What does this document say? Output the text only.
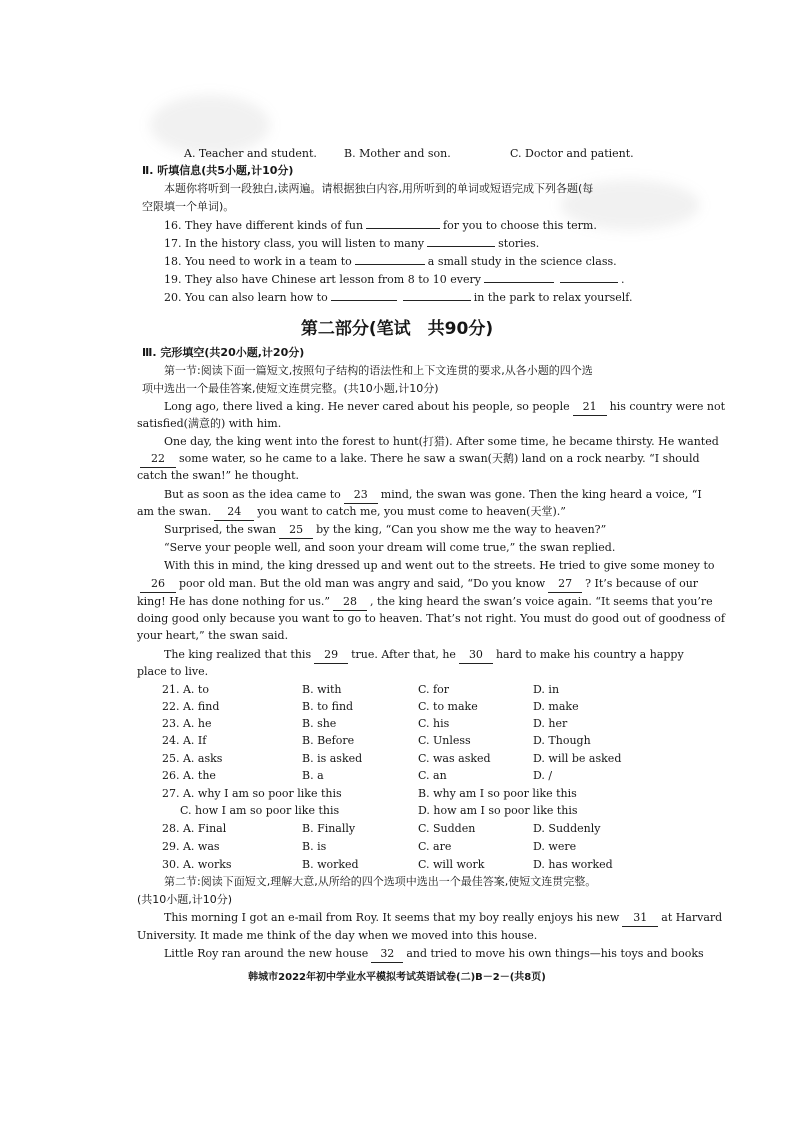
A. Teacher and student. B. Mother and son.	C. Doctor and patient.
Ⅱ. 听填信息(共5小题,计10分)
本题你将听到一段独白,读两遍。请根据独白内容,用所听到的单词或短语完成下列各题(每
空限填一个单词)。
16. They have different kinds of fun	for you to choose this term.
17. In the history class, you will listen to many	stories.
18. You need to work in a team to	a small study in the science class.
19. They also have Chinese art lesson from 8 to 10 every	.
20. You can also learn how to	in the park to relax yourself.
第二部分(笔试　共90分)
Ⅲ. 完形填空(共20小题,计20分)
第一节:阅读下面一篇短文,按照句子结构的语法性和上下文连贯的要求,从各小题的四个选
项中选出一个最佳答案,使短文连贯完整。(共10小题,计10分)
Long ago, there lived a king. He never cared about his people, so people 21 his country were not
satisfied(满意的) with him.
One day, the king went into the forest to hunt(打猎). After some time, he became thirsty. He wanted
22 some water, so he came to a lake. There he saw a swan(天鹅) land on a rock nearby. “I should
catch the swan!” he thought.
But as soon as the idea came to 23 mind, the swan was gone. Then the king heard a voice, “I
am the swan. 24 you want to catch me, you must come to heaven(天堂).”
Surprised, the swan 25 by the king, “Can you show me the way to heaven?”
“Serve your people well, and soon your dream will come true,” the swan replied.
With this in mind, the king dressed up and went out to the streets. He tried to give some money to
26 poor old man. But the old man was angry and said, “Do you know 27 ? It’s because of our
king! He has done nothing for us.” 28 , the king heard the swan’s voice again. “It seems that you’re
doing good only because you want to go to heaven. That’s not right. You must do good out of goodness of
your heart,” the swan said.
The king realized that this 29 true. After that, he 30 hard to make his country a happy
place to live.
21. A. to	B. with	C. for	D. in
22. A. find	B. to find	C. to make	D. make
23. A. he	B. she	C. his	D. her
24. A. If	B. Before	C. Unless	D. Though
25. A. asks	B. is asked	C. was asked	D. will be asked
26. A. the	B. a	C. an	D. /
27. A. why I am so poor like this	B. why am I so poor like this
C. how I am so poor like this	D. how am I so poor like this
28. A. Final	B. Finally	C. Sudden	D. Suddenly
29. A. was	B. is	C. are	D. were
30. A. works	B. worked	C. will work	D. has worked
第二节:阅读下面短文,理解大意,从所给的四个选项中选出一个最佳答案,使短文连贯完整。
(共10小题,计10分)
This morning I got an e-mail from Roy. It seems that my boy really enjoys his new 31 at Harvard
University. It made me think of the day when we moved into this house.
Little Roy ran around the new house 32 and tried to move his own things—his toys and books
韩城市2022年初中学业水平模拟考试英语试卷(二)B－2－(共8页)
